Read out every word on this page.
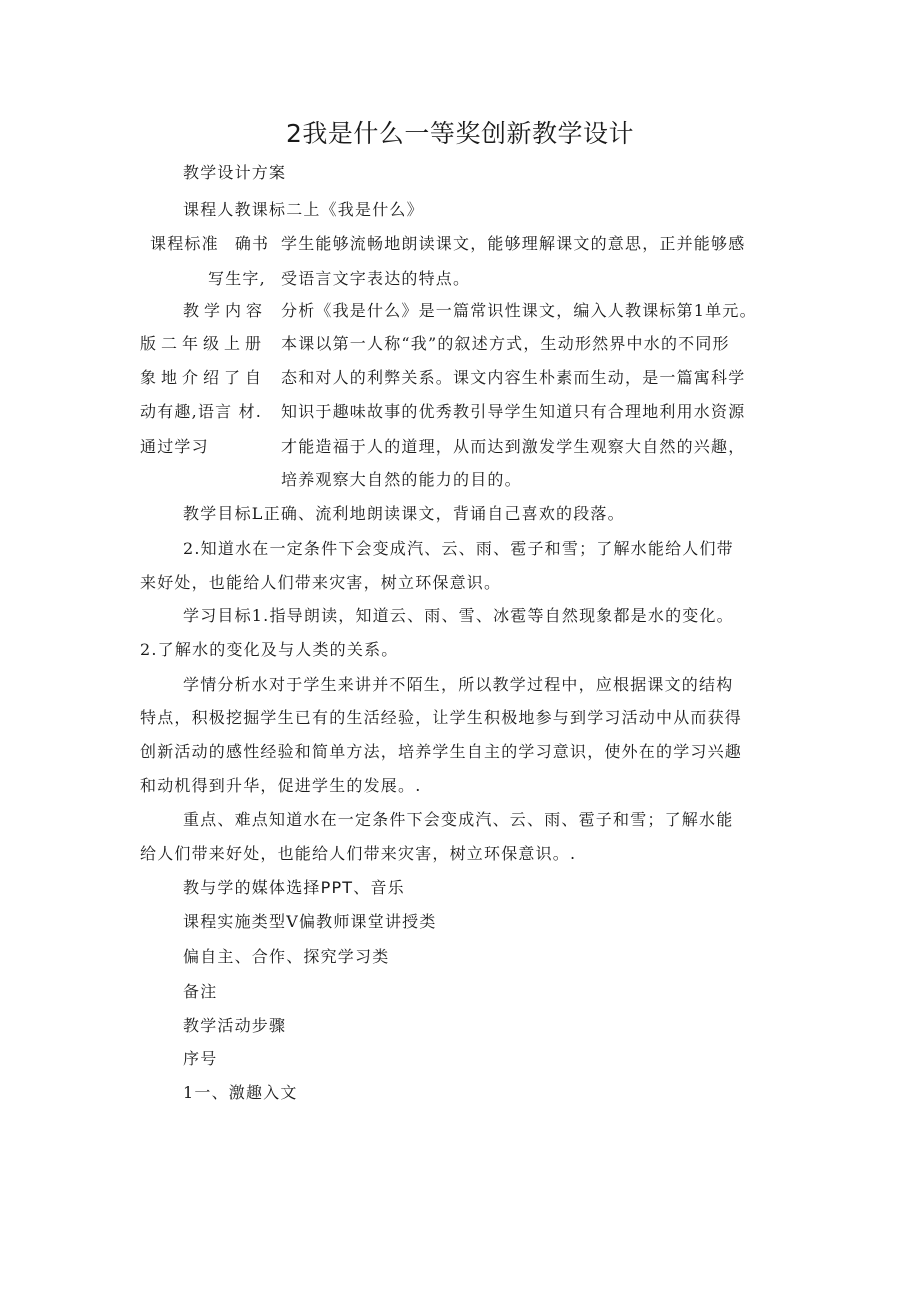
2我是什么一等奖创新教学设计
教学设计方案
课程人教课标二上《我是什么》
课程标准 确书
写生字,
学生能够流畅地朗读课文，能够理解课文的意思，正并能够感
受语言文字表达的特点。
教学内容
版二年级上册
象地介绍了自
动有趣,语言 材.
通过学习
分析《我是什么》是一篇常识性课文，编入人教课标第1单元。
本课以第一人称“我”的叙述方式，生动形然界中水的不同形
态和对人的利弊关系。课文内容生朴素而生动，是一篇寓科学
知识于趣味故事的优秀教引导学生知道只有合理地利用水资源
才能造福于人的道理，从而达到激发学生观察大自然的兴趣，
培养观察大自然的能力的目的。
教学目标L正确、流利地朗读课文，背诵自己喜欢的段落。
2.知道水在一定条件下会变成汽、云、雨、雹子和雪；了解水能给人们带
来好处，也能给人们带来灾害，树立环保意识。
学习目标1.指导朗读，知道云、雨、雪、冰雹等自然现象都是水的变化。
2.了解水的变化及与人类的关系。
学情分析水对于学生来讲并不陌生，所以教学过程中，应根据课文的结构
特点，积极挖掘学生已有的生活经验，让学生积极地参与到学习活动中从而获得
创新活动的感性经验和简单方法，培养学生自主的学习意识，使外在的学习兴趣
和动机得到升华，促进学生的发展。.
重点、难点知道水在一定条件下会变成汽、云、雨、雹子和雪；了解水能
给人们带来好处，也能给人们带来灾害，树立环保意识。.
教与学的媒体选择PPT、音乐
课程实施类型V偏教师课堂讲授类
偏自主、合作、探究学习类
备注
教学活动步骤
序号
1一、激趣入文
